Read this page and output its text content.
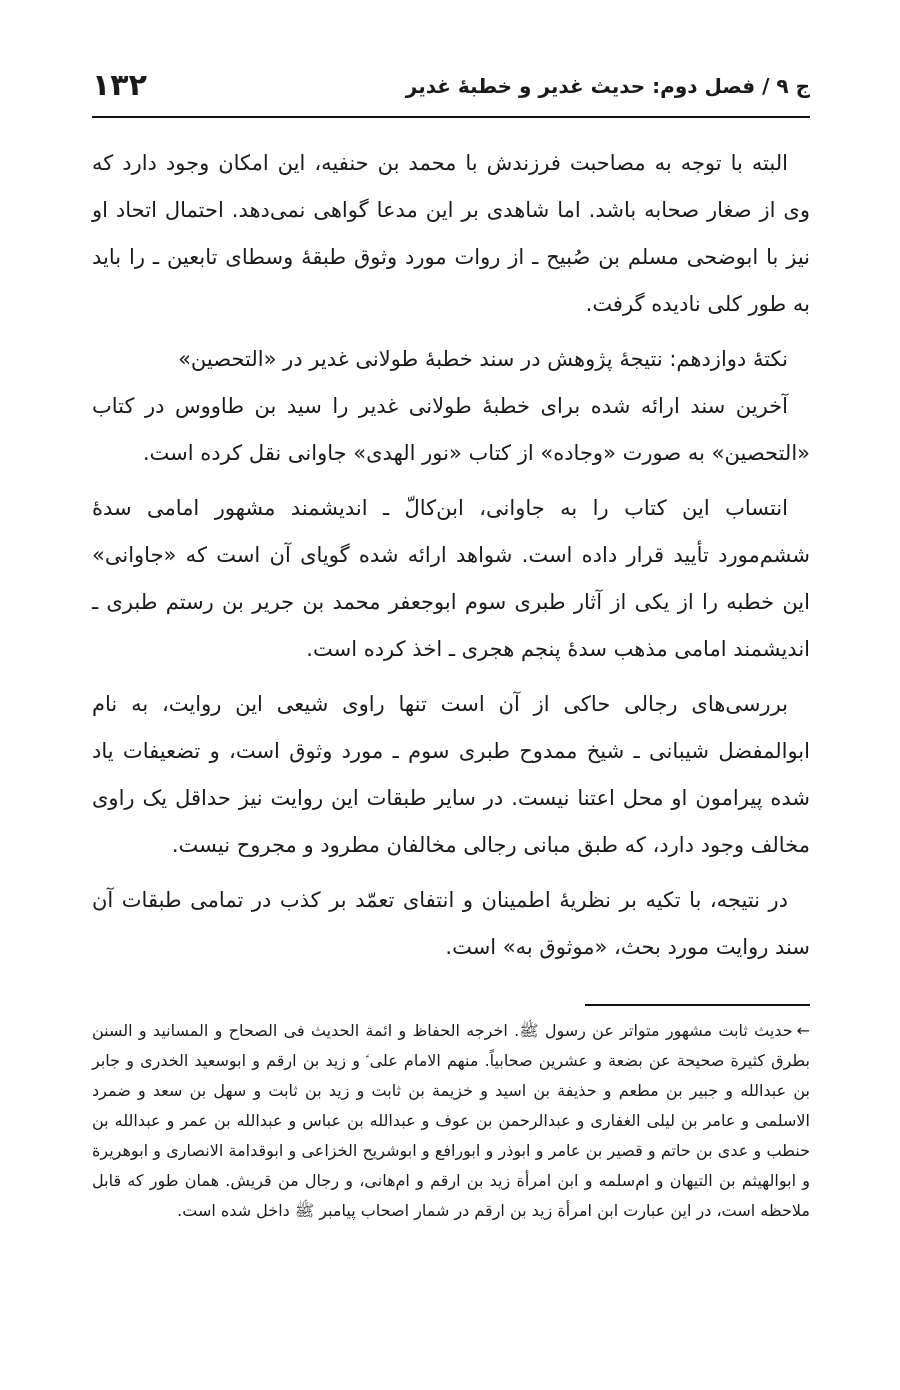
ج ۹ / فصل دوم: حدیث غدیر و خطبۀ غدیر
۱۳۲

البته با توجه به مصاحبت فرزندش با محمد بن حنفیه، این امکان وجود دارد که وی از صغار صحابه باشد. اما شاهدی بر این مدعا گواهی نمی‌دهد. احتمال اتحاد او نیز با ابوضحی مسلم بن صُبیح ـ از روات مورد وثوق طبقۀ وسطای تابعین ـ را باید به طور کلی نادیده گرفت.

نکتۀ دوازدهم: نتیجۀ پژوهش در سند خطبۀ طولانی غدیر در «التحصین»

آخرین سند ارائه شده برای خطبۀ طولانی غدیر را سید بن طاووس در کتاب «التحصین» به صورت «وجاده» از کتاب «نور الهدی» جاوانی نقل کرده است.

انتساب این کتاب را به جاوانی، ابن‌کالّ ـ اندیشمند مشهور امامی سدۀ ششم‌مورد تأیید قرار داده است. شواهد ارائه شده گویای آن است که «جاوانی» این خطبه را از یکی از آثار طبری سوم ابوجعفر محمد بن جریر بن رستم طبری ـ اندیشمند امامی مذهب سدۀ پنجم هجری ـ اخذ کرده است.

بررسی‌های رجالی حاکی از آن است تنها راوی شیعی این روایت، به نام ابوالمفضل شیبانی ـ شیخ ممدوح طبری سوم ـ مورد وثوق است، و تضعیفات یاد شده پیرامون او محل اعتنا نیست. در سایر طبقات این روایت نیز حداقل یک راوی مخالف وجود دارد، که طبق مبانی رجالی مخالفان مطرود و مجروح نیست.

در نتیجه، با تکیه بر نظریۀ اطمینان و انتفای تعمّد بر کذب در تمامی طبقات آن سند روایت مورد بحث، «موثوق به» است.

←حدیث ثابت مشهور متواتر عن رسول ﷺ. اخرجه الحفاظ و ائمة الحدیث فی الصحاح و المسانید و السنن بطرق کثیرة صحیحة عن بضعة و عشرین صحابیاً. منهم الامام علی ؑ و زید بن ارقم و ابوسعید الخدری و جابر بن عبدالله و جبیر بن مطعم و حذیفة بن اسید و خزیمة بن ثابت و زید بن ثابت و سهل بن سعد و ضمرد الاسلمی و عامر بن لیلی الغفاری و عبدالرحمن بن عوف و عبدالله بن عباس و عبدالله بن عمر و عبدالله بن حنطب و عدی بن حاتم و قصیر بن عامر و ابوذر و ابورافع و ابوشریح الخزاعی و ابوقدامة الانصاری و ابوهریرة و ابوالهیثم بن التیهان و ام‌سلمه و ابن امرأة زید بن ارقم و ام‌هانی، و رجال من قریش. همان طور که قابل ملاحظه است، در این عبارت ابن امرأة زید بن ارقم در شمار اصحاب پیامبر ﷺ داخل شده است.
